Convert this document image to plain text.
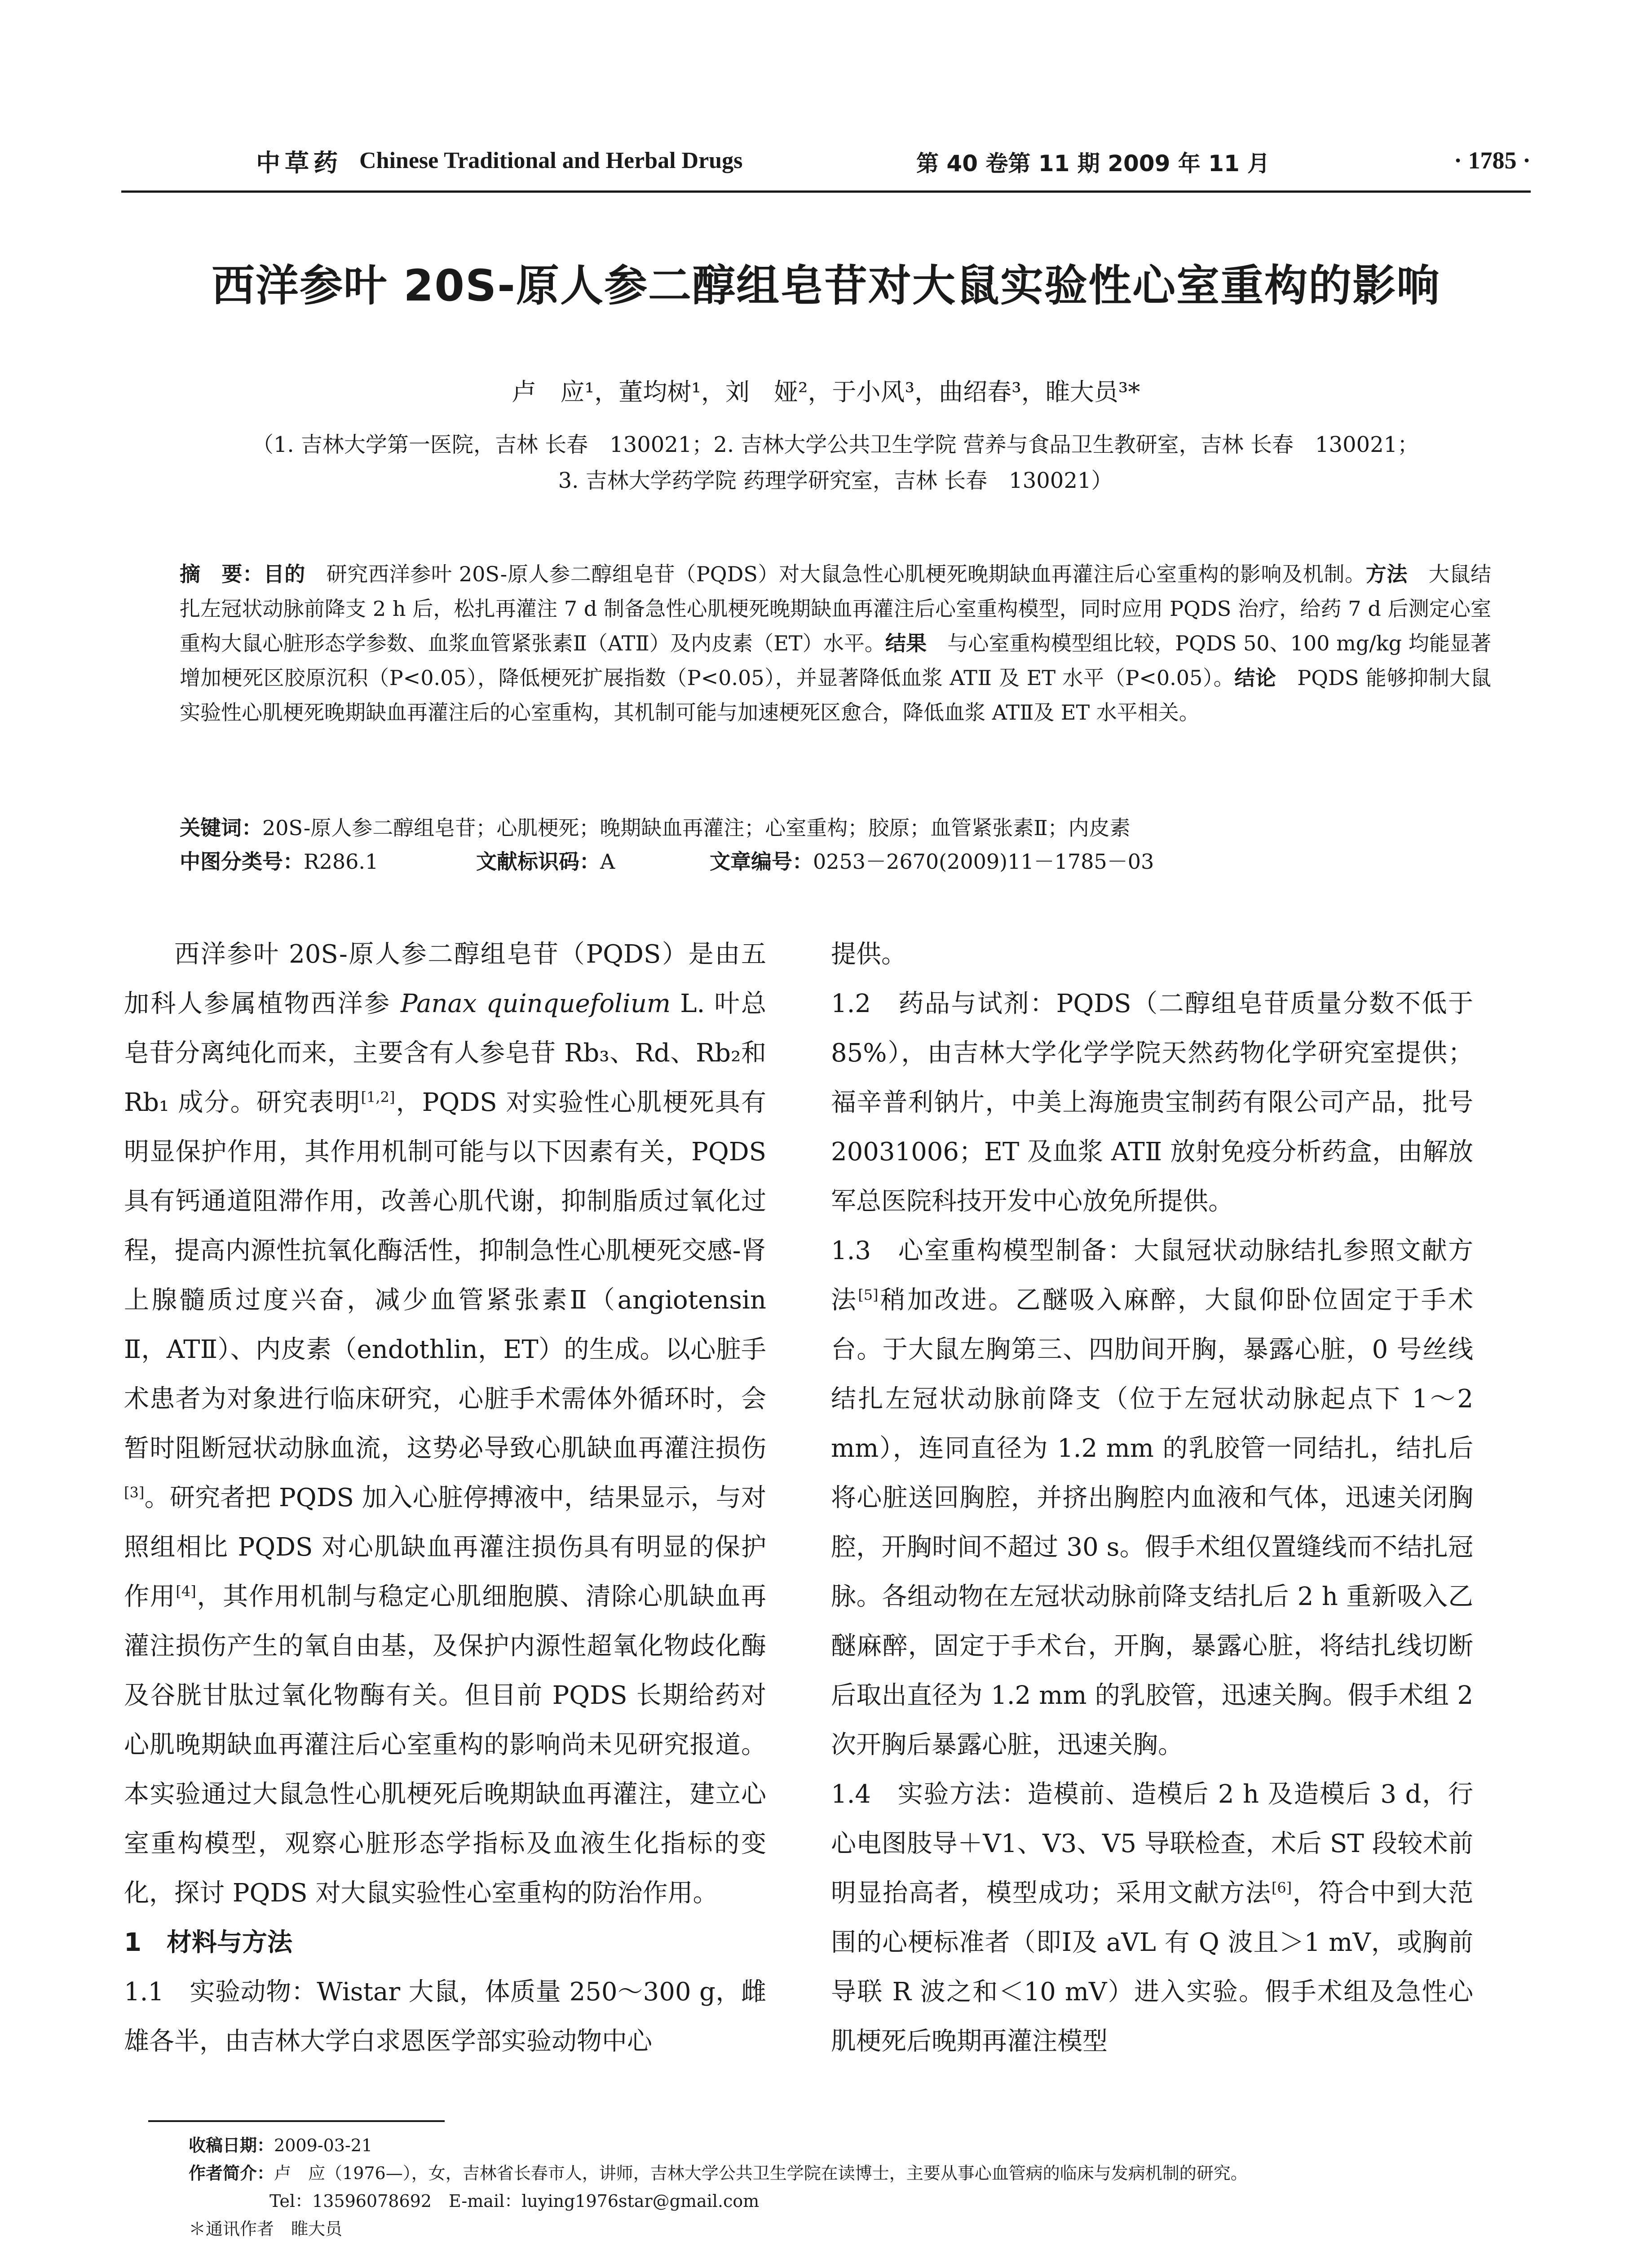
中草药 Chinese Traditional and Herbal Drugs	第 40 卷第 11 期 2009 年 11 月	· 1785 ·
西洋参叶 20S-原人参二醇组皂苷对大鼠实验性心室重构的影响
卢　应¹，董均树¹，刘　娅²，于小风³，曲绍春³，睢大员³*
（1. 吉林大学第一医院，吉林 长春　130021；2. 吉林大学公共卫生学院 营养与食品卫生教研室，吉林 长春　130021；
3. 吉林大学药学院 药理学研究室，吉林 长春　130021）
摘　要：目的　研究西洋参叶 20S-原人参二醇组皂苷（PQDS）对大鼠急性心肌梗死晚期缺血再灌注后心室重构的影响及机制。方法　大鼠结扎左冠状动脉前降支 2 h 后，松扎再灌注 7 d 制备急性心肌梗死晚期缺血再灌注后心室重构模型，同时应用 PQDS 治疗，给药 7 d 后测定心室重构大鼠心脏形态学参数、血浆血管紧张素Ⅱ（ATⅡ）及内皮素（ET）水平。结果　与心室重构模型组比较，PQDS 50、100 mg/kg 均能显著增加梗死区胶原沉积（P<0.05），降低梗死扩展指数（P<0.05），并显著降低血浆 ATⅡ 及 ET 水平（P<0.05）。结论　PQDS 能够抑制大鼠实验性心肌梗死晚期缺血再灌注后的心室重构，其机制可能与加速梗死区愈合，降低血浆 ATⅡ及 ET 水平相关。
关键词：20S-原人参二醇组皂苷；心肌梗死；晚期缺血再灌注；心室重构；胶原；血管紧张素Ⅱ；内皮素
中图分类号：R286.1	文献标识码：A	文章编号：0253－2670(2009)11－1785－03

西洋参叶 20S-原人参二醇组皂苷（PQDS）是由五加科人参属植物西洋参 Panax quinquefolium L. 叶总皂苷分离纯化而来，主要含有人参皂苷 Rb₃、Rd、Rb₂和 Rb₁ 成分。研究表明[1,2]，PQDS 对实验性心肌梗死具有明显保护作用，其作用机制可能与以下因素有关，PQDS 具有钙通道阻滞作用，改善心肌代谢，抑制脂质过氧化过程，提高内源性抗氧化酶活性，抑制急性心肌梗死交感-肾上腺髓质过度兴奋，减少血管紧张素Ⅱ（angiotensin Ⅱ，ATⅡ）、内皮素（endothlin，ET）的生成。以心脏手术患者为对象进行临床研究，心脏手术需体外循环时，会暂时阻断冠状动脉血流，这势必导致心肌缺血再灌注损伤[3]。研究者把 PQDS 加入心脏停搏液中，结果显示，与对照组相比 PQDS 对心肌缺血再灌注损伤具有明显的保护作用[4]，其作用机制与稳定心肌细胞膜、清除心肌缺血再灌注损伤产生的氧自由基，及保护内源性超氧化物歧化酶及谷胱甘肽过氧化物酶有关。但目前 PQDS 长期给药对心肌晚期缺血再灌注后心室重构的影响尚未见研究报道。本实验通过大鼠急性心肌梗死后晚期缺血再灌注，建立心室重构模型，观察心脏形态学指标及血液生化指标的变化，探讨 PQDS 对大鼠实验性心室重构的防治作用。

1　材料与方法

1.1　实验动物：Wistar 大鼠，体质量 250～300 g，雌雄各半，由吉林大学白求恩医学部实验动物中心

提供。

1.2　药品与试剂：PQDS（二醇组皂苷质量分数不低于 85%），由吉林大学化学学院天然药物化学研究室提供；福辛普利钠片，中美上海施贵宝制药有限公司产品，批号 20031006；ET 及血浆 ATⅡ 放射免疫分析药盒，由解放军总医院科技开发中心放免所提供。

1.3　心室重构模型制备：大鼠冠状动脉结扎参照文献方法[5]稍加改进。乙醚吸入麻醉，大鼠仰卧位固定于手术台。于大鼠左胸第三、四肋间开胸，暴露心脏，0 号丝线结扎左冠状动脉前降支（位于左冠状动脉起点下 1～2 mm），连同直径为 1.2 mm 的乳胶管一同结扎，结扎后将心脏送回胸腔，并挤出胸腔内血液和气体，迅速关闭胸腔，开胸时间不超过 30 s。假手术组仅置缝线而不结扎冠脉。各组动物在左冠状动脉前降支结扎后 2 h 重新吸入乙醚麻醉，固定于手术台，开胸，暴露心脏，将结扎线切断后取出直径为 1.2 mm 的乳胶管，迅速关胸。假手术组 2 次开胸后暴露心脏，迅速关胸。

1.4　实验方法：造模前、造模后 2 h 及造模后 3 d，行心电图肢导＋V1、V3、V5 导联检查，术后 ST 段较术前明显抬高者，模型成功；采用文献方法[6]，符合中到大范围的心梗标准者（即Ⅰ及 aVL 有 Q 波且＞1 mV，或胸前导联 R 波之和＜10 mV）进入实验。假手术组及急性心肌梗死后晚期再灌注模型

收稿日期：2009-03-21
作者简介：卢　应（1976—），女，吉林省长春市人，讲师，吉林大学公共卫生学院在读博士，主要从事心血管病的临床与发病机制的研究。
Tel：13596078692　E-mail：luying1976star@gmail.com
＊通讯作者　睢大员
